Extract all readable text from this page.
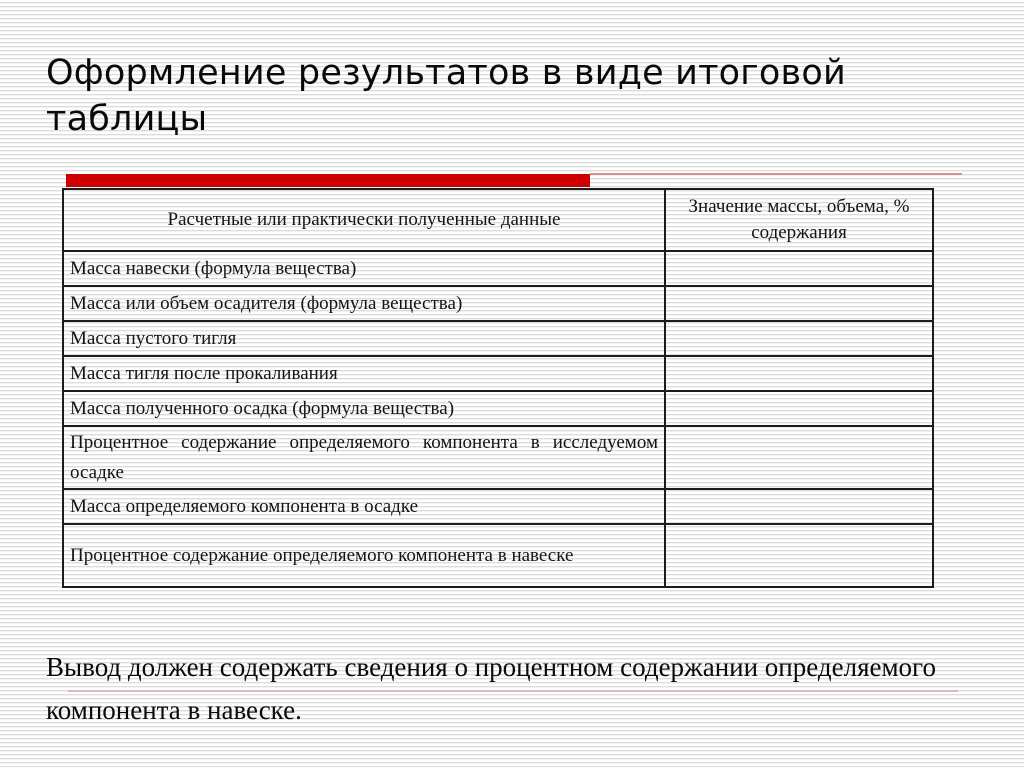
Оформление результатов в виде итоговой таблицы
Расчетные или практически полученные данные	Значение массы, объема, % содержания
Масса навески (формула вещества)	
Масса или объем осадителя (формула вещества)	
Масса пустого тигля	
Масса тигля после прокаливания	
Масса полученного осадка (формула вещества)	
Процентное содержание определяемого компонента в исследуемом осадке	
Масса определяемого компонента в осадке	
Процентное содержание определяемого компонента в навеске	

Вывод должен содержать сведения о процентном содержании определяемого компонента в навеске.
